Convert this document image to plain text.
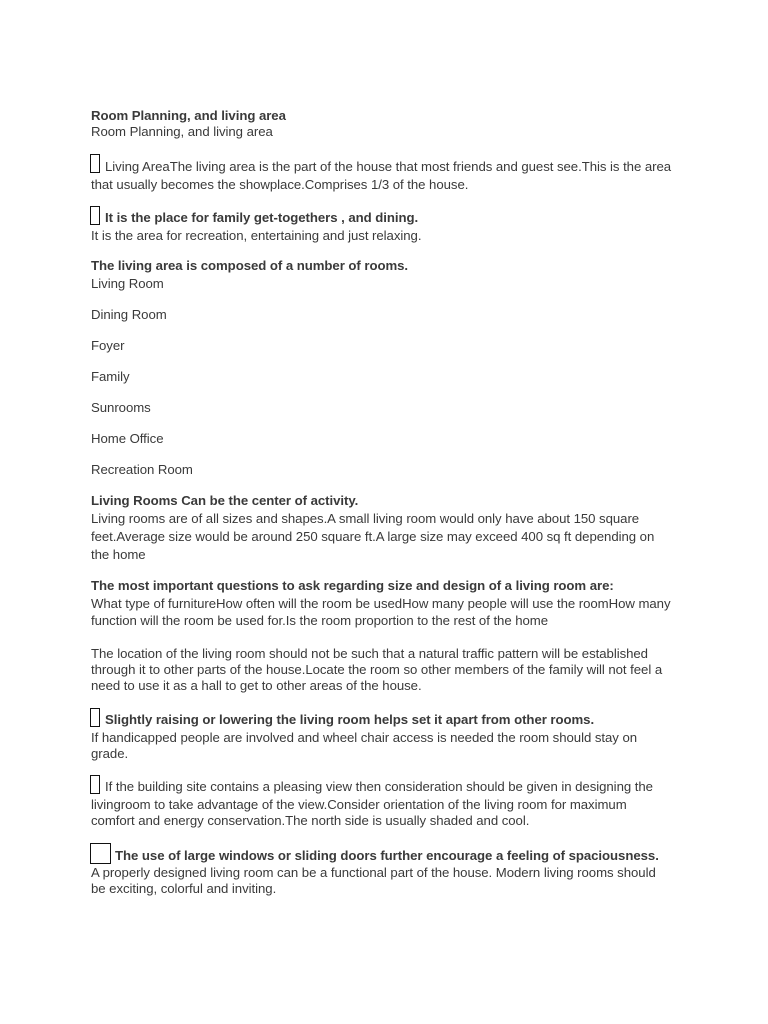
Room Planning, and living area
Room Planning, and living area
Living AreaThe living area is the part of the house that most friends and guest see.This is the area
that usually becomes the showplace.Comprises 1/3 of the house.
It is the place for family get-togethers , and dining.
It is the area for recreation, entertaining and just relaxing.
The living area is composed of a number of rooms.
Living Room
Dining Room
Foyer
Family
Sunrooms
Home Office
Recreation Room
Living Rooms Can be the center of activity.
Living rooms are of all sizes and shapes.A small living room would only have about 150 square
feet.Average size would be around 250 square ft.A large size may exceed 400 sq ft depending on
the home
The most important questions to ask regarding size and design of a living room are:
What type of furnitureHow often will the room be usedHow many people will use the roomHow many
function will the room be used for.Is the room proportion to the rest of the home
The location of the living room should not be such that a natural traffic pattern will be established
through it to other parts of the house.Locate the room so other members of the family will not feel a
need to use it as a hall to get to other areas of the house.
Slightly raising or lowering the living room helps set it apart from other rooms.
If handicapped people are involved and wheel chair access is needed the room should stay on
grade.
If the building site contains a pleasing view then consideration should be given in designing the
livingroom to take advantage of the view.Consider orientation of the living room for maximum
comfort and energy conservation.The north side is usually shaded and cool.
The use of large windows or sliding doors further encourage a feeling of spaciousness.
A properly designed living room can be a functional part of the house. Modern living rooms should
be exciting, colorful and inviting.
